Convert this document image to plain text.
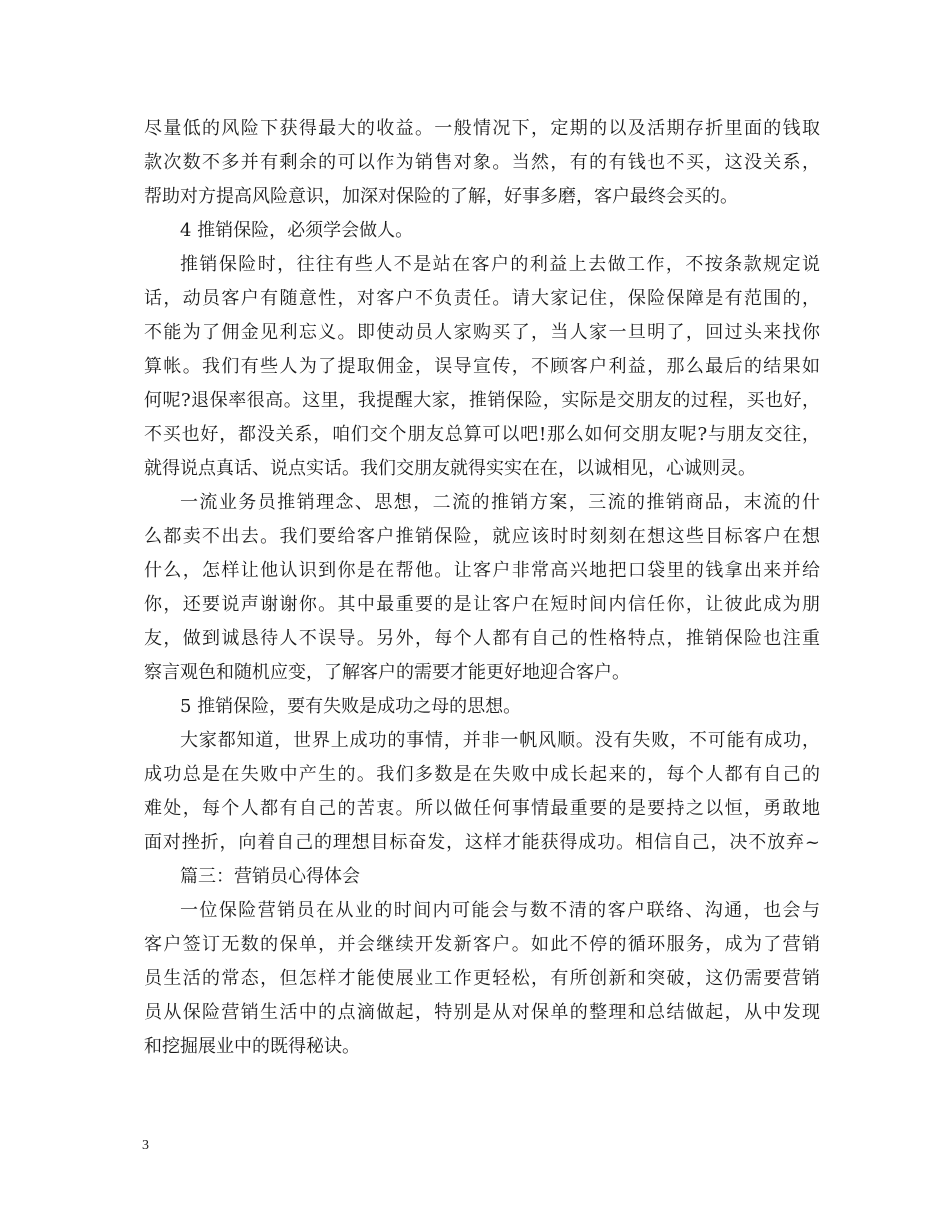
尽量低的风险下获得最大的收益。一般情况下，定期的以及活期存折里面的钱取
款次数不多并有剩余的可以作为销售对象。当然，有的有钱也不买，这没关系，
帮助对方提高风险意识，加深对保险的了解，好事多磨，客户最终会买的。
4 推销保险，必须学会做人。
推销保险时，往往有些人不是站在客户的利益上去做工作，不按条款规定说
话，动员客户有随意性，对客户不负责任。请大家记住，保险保障是有范围的，
不能为了佣金见利忘义。即使动员人家购买了，当人家一旦明了，回过头来找你
算帐。我们有些人为了提取佣金，误导宣传，不顾客户利益，那么最后的结果如
何呢?退保率很高。这里，我提醒大家，推销保险，实际是交朋友的过程，买也好，
不买也好，都没关系，咱们交个朋友总算可以吧!那么如何交朋友呢?与朋友交往，
就得说点真话、说点实话。我们交朋友就得实实在在，以诚相见，心诚则灵。
一流业务员推销理念、思想，二流的推销方案，三流的推销商品，末流的什
么都卖不出去。我们要给客户推销保险，就应该时时刻刻在想这些目标客户在想
什么，怎样让他认识到你是在帮他。让客户非常高兴地把口袋里的钱拿出来并给
你，还要说声谢谢你。其中最重要的是让客户在短时间内信任你，让彼此成为朋
友，做到诚恳待人不误导。另外，每个人都有自己的性格特点，推销保险也注重
察言观色和随机应变，了解客户的需要才能更好地迎合客户。
5 推销保险，要有失败是成功之母的思想。
大家都知道，世界上成功的事情，并非一帆风顺。没有失败，不可能有成功，
成功总是在失败中产生的。我们多数是在失败中成长起来的，每个人都有自己的
难处，每个人都有自己的苦衷。所以做任何事情最重要的是要持之以恒，勇敢地
面对挫折，向着自己的理想目标奋发，这样才能获得成功。相信自己，决不放弃~
篇三：营销员心得体会
一位保险营销员在从业的时间内可能会与数不清的客户联络、沟通，也会与
客户签订无数的保单，并会继续开发新客户。如此不停的循环服务，成为了营销
员生活的常态，但怎样才能使展业工作更轻松，有所创新和突破，这仍需要营销
员从保险营销生活中的点滴做起，特别是从对保单的整理和总结做起，从中发现
和挖掘展业中的既得秘诀。
3
